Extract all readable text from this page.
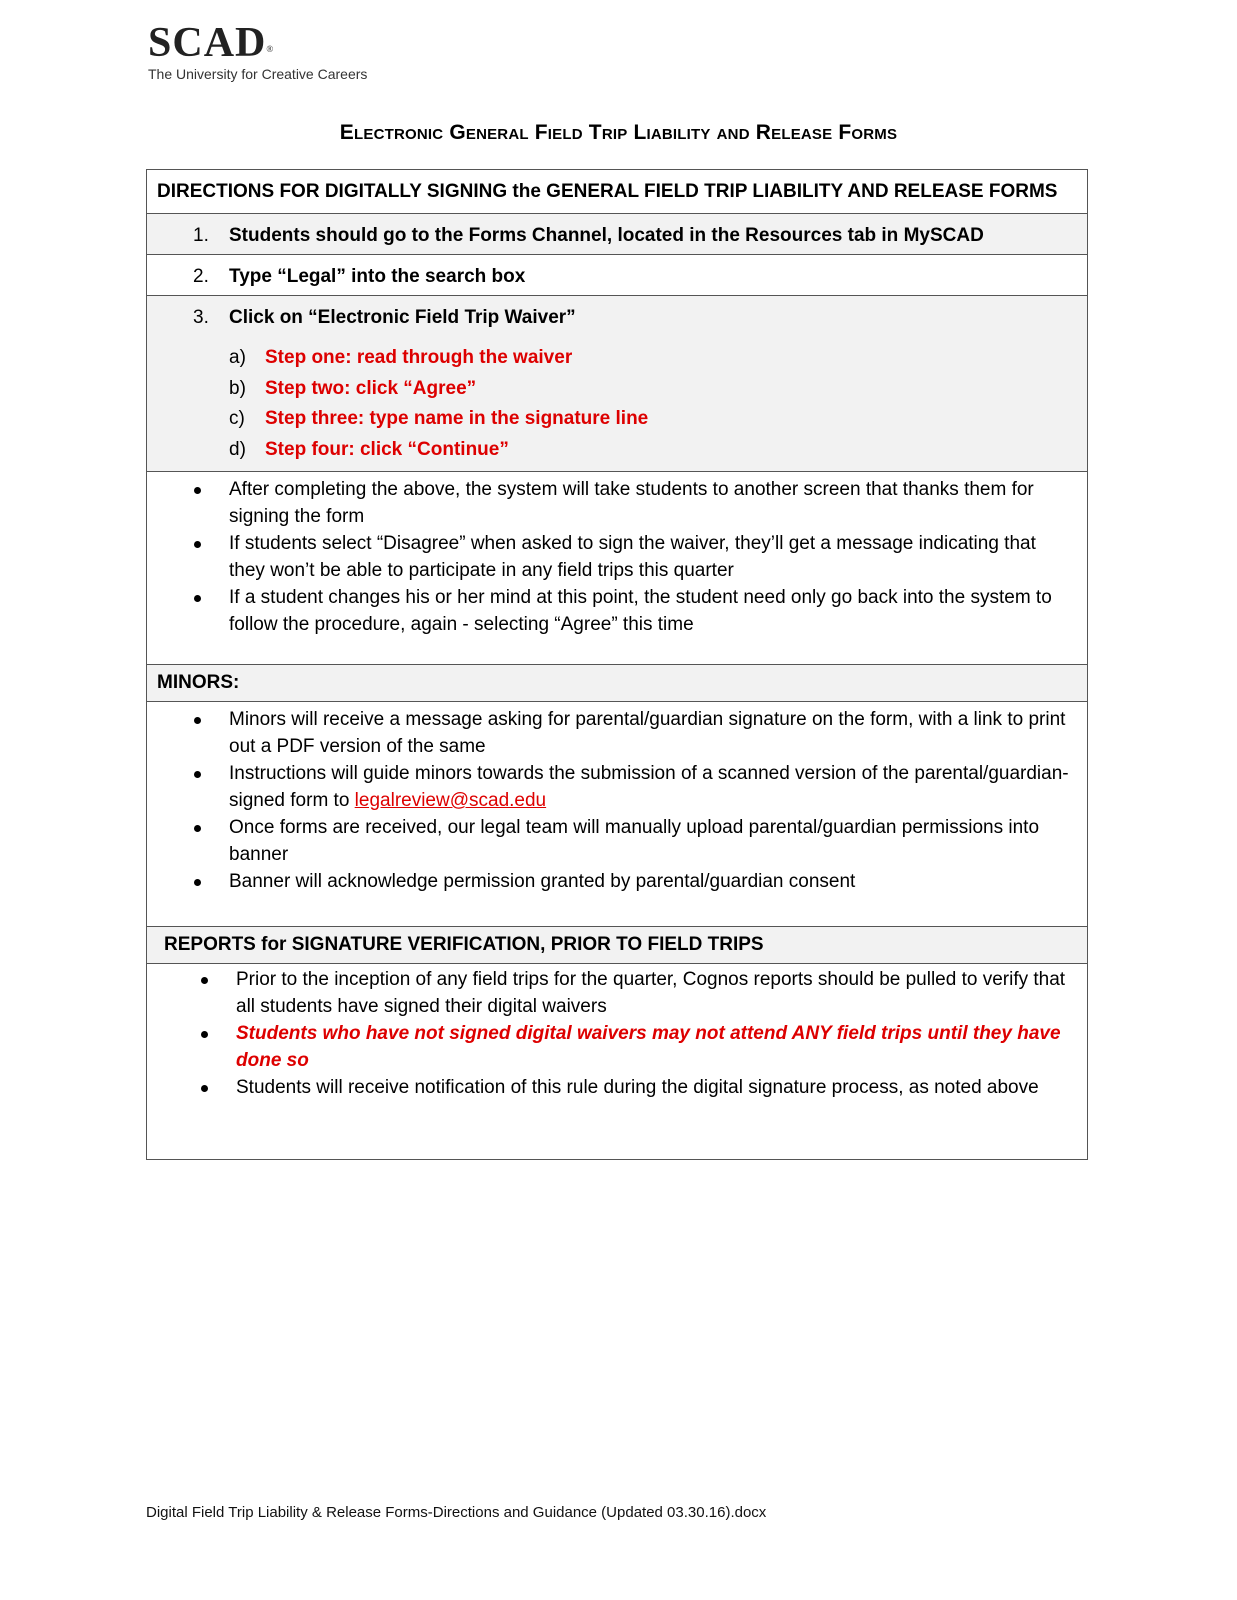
SCAD®
The University for Creative Careers
Electronic General Field Trip Liability and Release Forms
DIRECTIONS FOR DIGITALLY SIGNING the GENERAL FIELD TRIP LIABILITY AND RELEASE FORMS
1. Students should go to the Forms Channel, located in the Resources tab in MySCAD
2. Type “Legal” into the search box
3. Click on “Electronic Field Trip Waiver”
a) Step one: read through the waiver
b) Step two: click “Agree”
c) Step three: type name in the signature line
d) Step four: click “Continue”
After completing the above, the system will take students to another screen that thanks them for signing the form
If students select “Disagree” when asked to sign the waiver, they’ll get a message indicating that they won’t be able to participate in any field trips this quarter
If a student changes his or her mind at this point, the student need only go back into the system to follow the procedure, again - selecting “Agree” this time
MINORS:
Minors will receive a message asking for parental/guardian signature on the form, with a link to print out a PDF version of the same
Instructions will guide minors towards the submission of a scanned version of the parental/guardian-signed form to legalreview@scad.edu
Once forms are received, our legal team will manually upload parental/guardian permissions into banner
Banner will acknowledge permission granted by parental/guardian consent
REPORTS for SIGNATURE VERIFICATION, PRIOR TO FIELD TRIPS
Prior to the inception of any field trips for the quarter, Cognos reports should be pulled to verify that all students have signed their digital waivers
Students who have not signed digital waivers may not attend ANY field trips until they have done so
Students will receive notification of this rule during the digital signature process, as noted above
Digital Field Trip Liability & Release Forms-Directions and Guidance (Updated 03.30.16).docx
